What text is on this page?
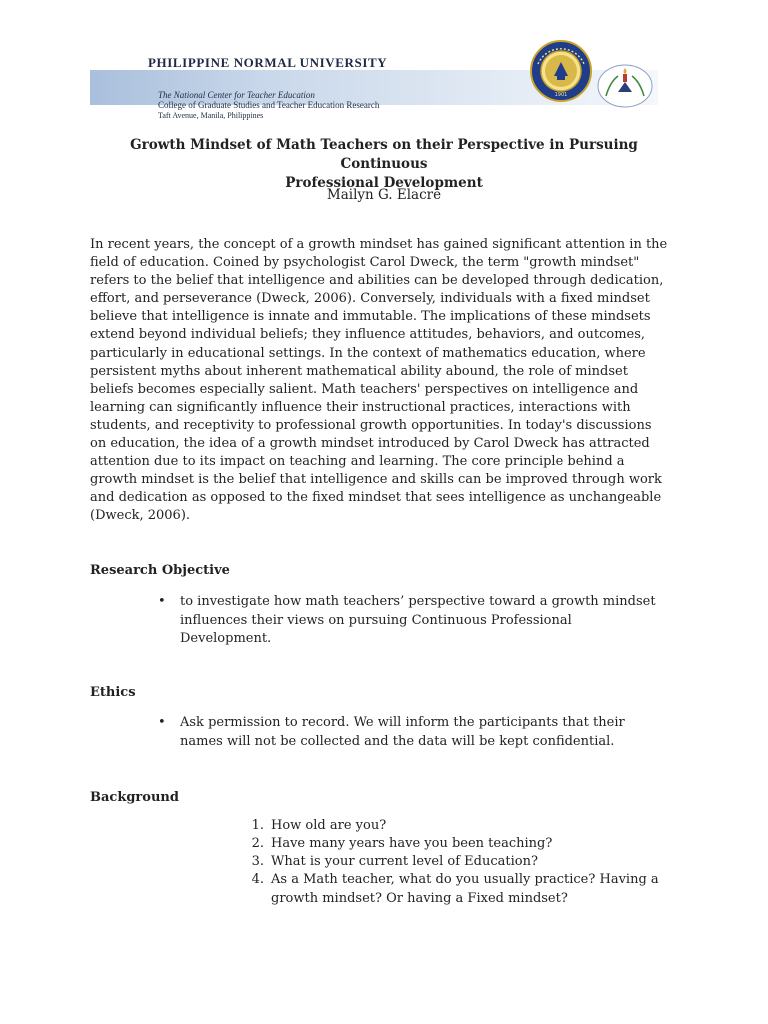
PHILIPPINE NORMAL UNIVERSITY
The National Center for Teacher Education
College of Graduate Studies and Teacher Education Research
Taft Avenue, Manila, Philippines
1901
Growth Mindset of Math Teachers on their Perspective in Pursuing Continuous
Professional Development
Mailyn G. Elacre
In recent years, the concept of a growth mindset has gained significant attention in the
field of education. Coined by psychologist Carol Dweck, the term "growth mindset"
refers to the belief that intelligence and abilities can be developed through dedication,
effort, and perseverance (Dweck, 2006). Conversely, individuals with a fixed mindset
believe that intelligence is innate and immutable. The implications of these mindsets
extend beyond individual beliefs; they influence attitudes, behaviors, and outcomes,
particularly in educational settings. In the context of mathematics education, where
persistent myths about inherent mathematical ability abound, the role of mindset
beliefs becomes especially salient. Math teachers' perspectives on intelligence and
learning can significantly influence their instructional practices, interactions with
students, and receptivity to professional growth opportunities. In today's discussions
on education, the idea of a growth mindset introduced by Carol Dweck has attracted
attention due to its impact on teaching and learning. The core principle behind a
growth mindset is the belief that intelligence and skills can be improved through work
and dedication as opposed to the fixed mindset that sees intelligence as unchangeable
(Dweck, 2006).
Research Objective
• to investigate how math teachers’ perspective toward a growth mindset
influences their views on pursuing Continuous Professional
Development.
Ethics
• Ask permission to record. We will inform the participants that their
names will not be collected and the data will be kept confidential.
Background
1. How old are you?
2. Have many years have you been teaching?
3. What is your current level of Education?
4. As a Math teacher, what do you usually practice? Having a
growth mindset? Or having a Fixed mindset?
